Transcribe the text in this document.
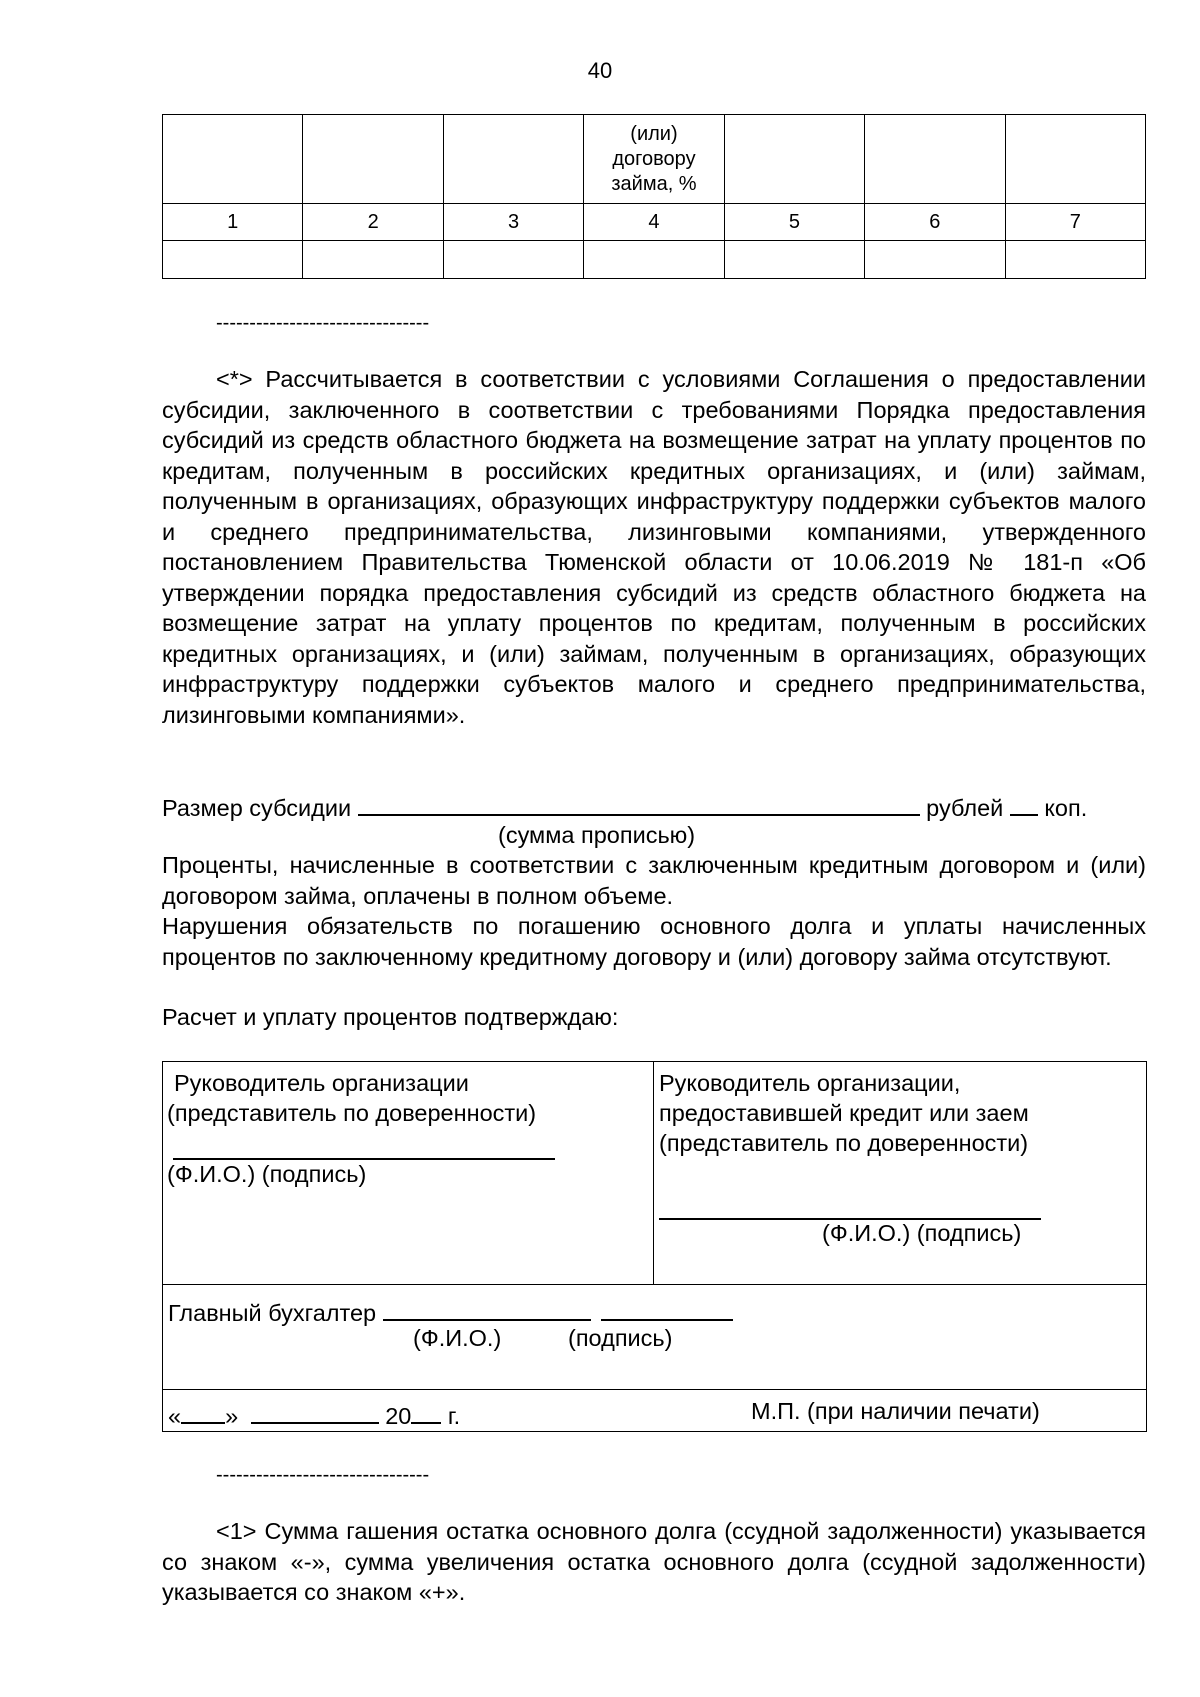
40

			(или)
договору
займа, %			

1	2	3	4	5	6	7

--------------------------------
<*> Рассчитывается в соответствии с условиями Соглашения о предоставлении субсидии, заключенного в соответствии с требованиями Порядка предоставления субсидий из средств областного бюджета на возмещение затрат на уплату процентов по кредитам, полученным в российских кредитных организациях, и (или) займам, полученным в организациях, образующих инфраструктуру поддержки субъектов малого и среднего предпринимательства, лизинговыми компаниями, утвержденного постановлением Правительства Тюменской области от 10.06.2019 № 181-п «Об утверждении порядка предоставления субсидий из средств областного бюджета на возмещение затрат на уплату процентов по кредитам, полученным в российских кредитных организациях, и (или) займам, полученным в организациях, образующих инфраструктуру поддержки субъектов малого и среднего предпринимательства, лизинговыми компаниями».
Размер субсидии	рублей коп.
(сумма прописью)
Проценты, начисленные в соответствии с заключенным кредитным договором и (или) договором займа, оплачены в полном объеме.
Нарушения обязательств по погашению основного долга и уплаты начисленных процентов по заключенному кредитному договору и (или) договору займа отсутствуют.
Расчет и уплату процентов подтверждаю:
Руководитель организации
(представитель по доверенности)
(Ф.И.О.) (подпись)

Руководитель организации,
предоставившей кредит или заем
(представитель по доверенности)
(Ф.И.О.) (подпись)

Главный бухгалтер
(Ф.И.О.)	(подпись)

« »	20 г.	М.П. (при наличии печати)
--------------------------------
<1> Сумма гашения остатка основного долга (ссудной задолженности) указывается со знаком «-», сумма увеличения остатка основного долга (ссудной задолженности) указывается со знаком «+».
